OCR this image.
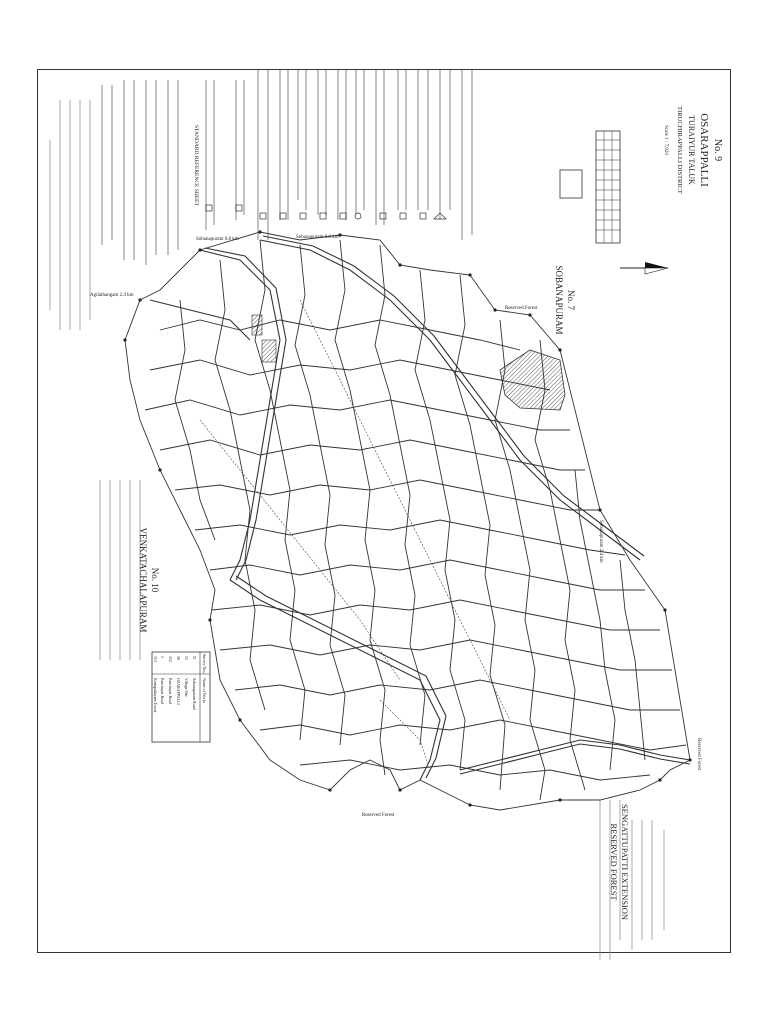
No. 9
OSARAPPALLI
TURAIYUR TALUK
TIRUCHIRAPPALLI DISTRICT
Scale 1 : 7,920
STANDARD REFERENCE SHEET
No. 7
SOBANAPURAM
No. 10
VENKATACHALAPURAM
SENGATTUPATTI EXTENSION
RESERVED FOREST
Sobanapuram 0.8 km	Sobanapuram 0.8 km
Agilathangam 2.4 km
Sobanapuram 2.4 km
Reserved Forest
Reserved Forest
Reserved Forest
Survey Nos.
Name of Works
N
Sobanapuram Road
51
Village Site
56
OSARAPPALLI
112
Panchayat Road
5
Panchayat Road
113
Kottapalaiyam Forest
